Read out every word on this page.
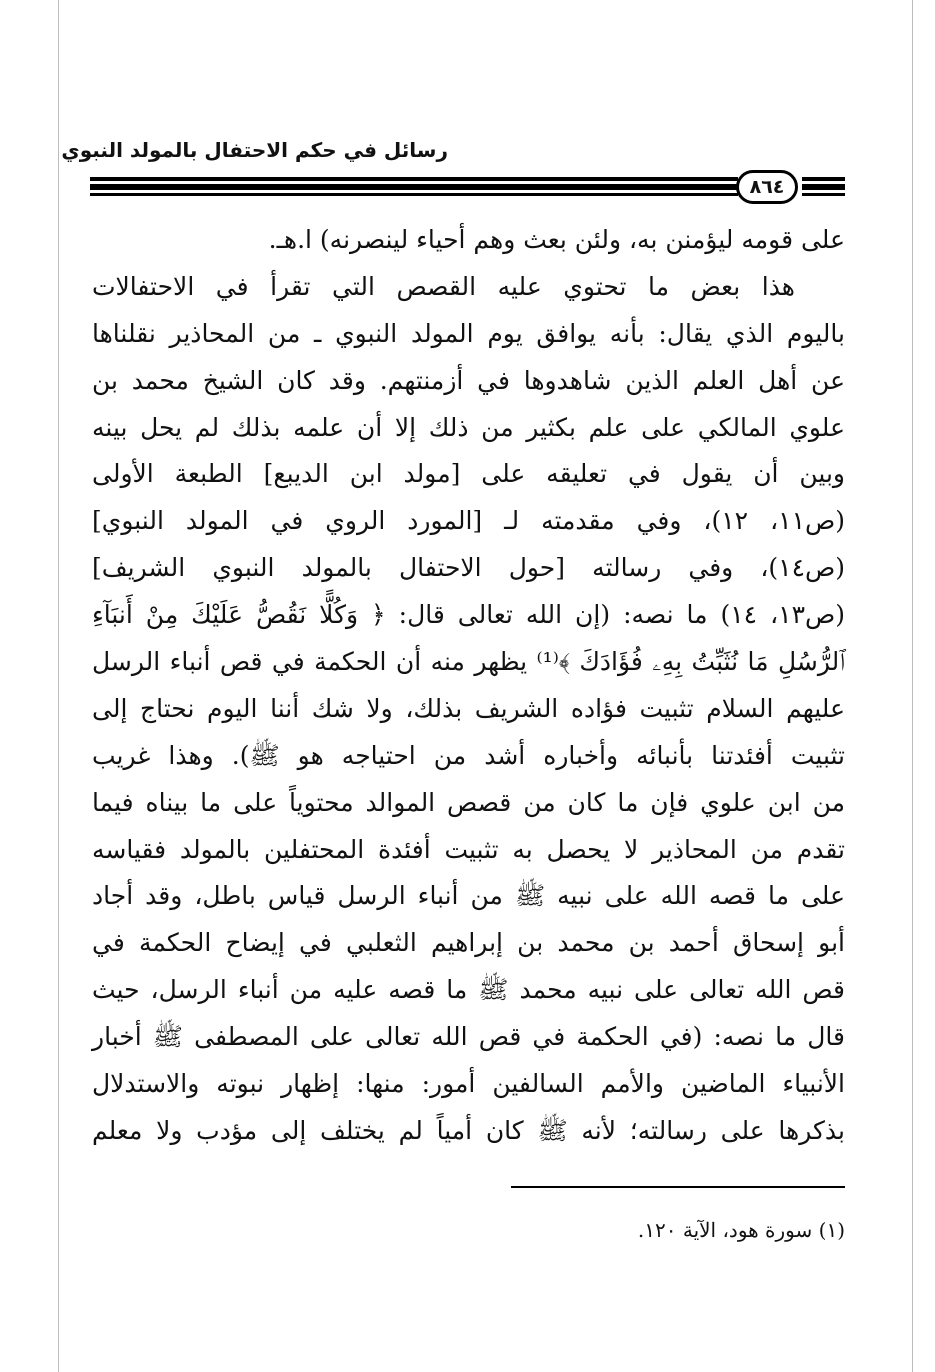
رسائل في حكم الاحتفال بالمولد النبوي
٨٦٤
على قومه ليؤمنن به، ولئن بعث وهم أحياء لينصرنه) ا.هـ.
هذا بعض ما تحتوي عليه القصص التي تقرأ في الاحتفالات
باليوم الذي يقال: بأنه يوافق يوم المولد النبوي ـ من المحاذير نقلناها
عن أهل العلم الذين شاهدوها في أزمنتهم. وقد كان الشيخ محمد بن
علوي المالكي على علم بكثير من ذلك إلا أن علمه بذلك لم يحل بينه
وبين أن يقول في تعليقه على [مولد ابن الديبع] الطبعة الأولى
(ص١١، ١٢)، وفي مقدمته لـ [المورد الروي في المولد النبوي]
(ص١٤)، وفي رسالته [حول الاحتفال بالمولد النبوي الشريف]
(ص١٣، ١٤) ما نصه: (إن الله تعالى قال: ﴿ وَكُلًّا نَقُصُّ عَلَيْكَ مِنْ أَنبَآءِ
ٱلرُّسُلِ مَا نُثَبِّتُ بِهِۦ فُؤَادَكَ ﴾⁽¹⁾ يظهر منه أن الحكمة في قص أنباء الرسل
عليهم السلام تثبيت فؤاده الشريف بذلك، ولا شك أننا اليوم نحتاج إلى
تثبيت أفئدتنا بأنبائه وأخباره أشد من احتياجه هو ﷺ). وهذا غريب
من ابن علوي فإن ما كان من قصص الموالد محتوياً على ما بيناه فيما
تقدم من المحاذير لا يحصل به تثبيت أفئدة المحتفلين بالمولد فقياسه
على ما قصه الله على نبيه ﷺ من أنباء الرسل قياس باطل، وقد أجاد
أبو إسحاق أحمد بن محمد بن إبراهيم الثعلبي في إيضاح الحكمة في
قص الله تعالى على نبيه محمد ﷺ ما قصه عليه من أنباء الرسل، حيث
قال ما نصه: (في الحكمة في قص الله تعالى على المصطفى ﷺ أخبار
الأنبياء الماضين والأمم السالفين أمور: منها: إظهار نبوته والاستدلال
بذكرها على رسالته؛ لأنه ﷺ كان أمياً لم يختلف إلى مؤدب ولا معلم
(١) سورة هود، الآية ١٢٠.
